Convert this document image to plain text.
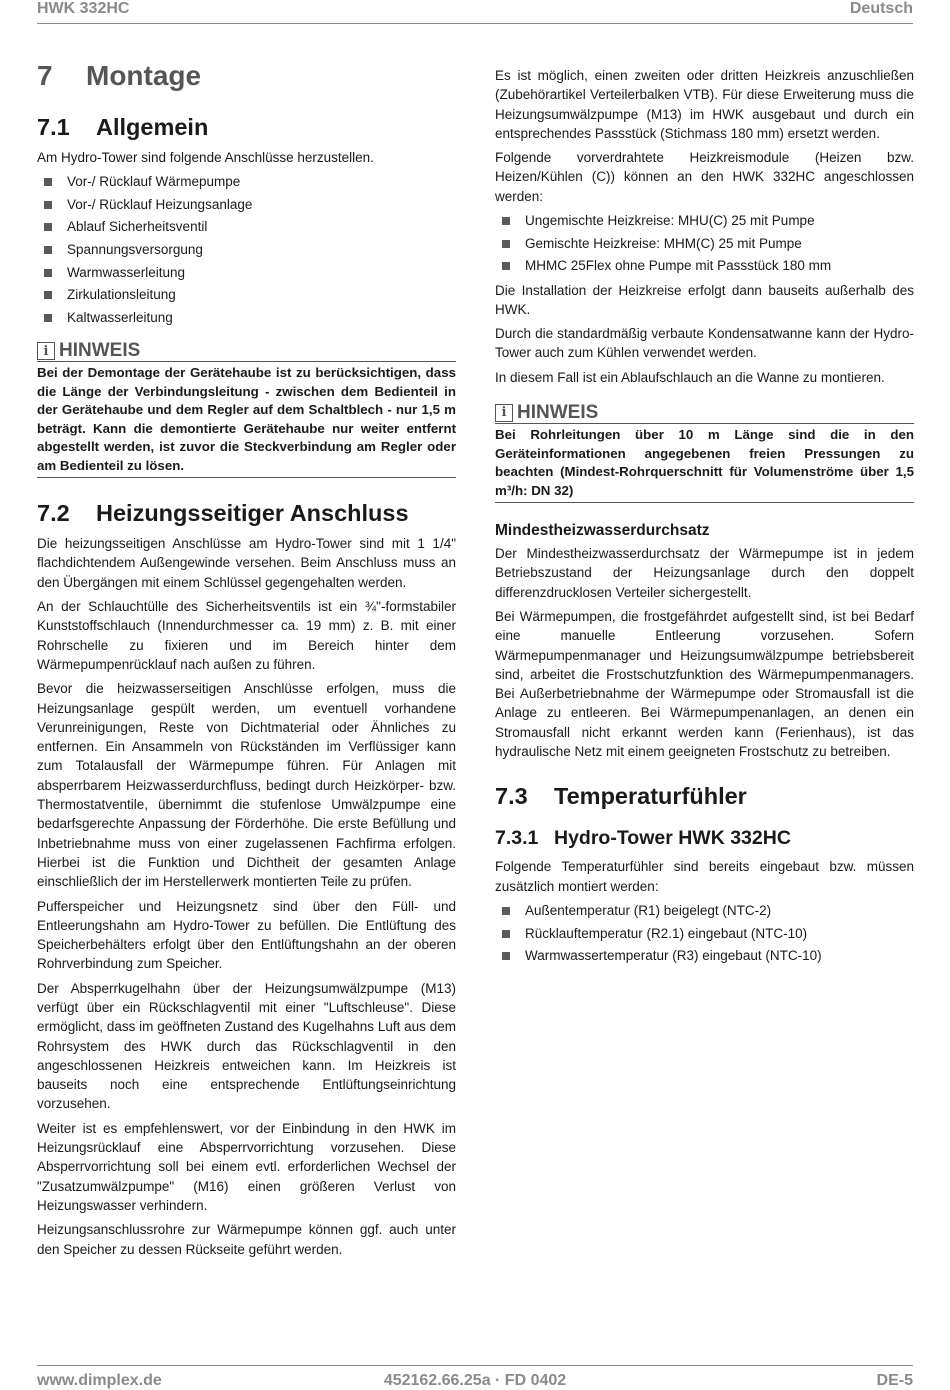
HWK 332HC	Deutsch
7 Montage
7.1 Allgemein
Am Hydro-Tower sind folgende Anschlüsse herzustellen.
Vor-/ Rücklauf Wärmepumpe
Vor-/ Rücklauf Heizungsanlage
Ablauf Sicherheitsventil
Spannungsversorgung
Warmwasserleitung
Zirkulationsleitung
Kaltwasserleitung
i HINWEIS
Bei der Demontage der Gerätehaube ist zu berücksichtigen, dass die Länge der Verbindungsleitung - zwischen dem Bedienteil in der Gerätehaube und dem Regler auf dem Schaltblech - nur 1,5 m beträgt. Kann die demontierte Gerätehaube nur weiter entfernt abgestellt werden, ist zuvor die Steckverbindung am Regler oder am Bedienteil zu lösen.
7.2 Heizungsseitiger Anschluss
Die heizungsseitigen Anschlüsse am Hydro-Tower sind mit 1 1/4" flachdichtendem Außengewinde versehen. Beim Anschluss muss an den Übergängen mit einem Schlüssel gegengehalten werden.
An der Schlauchtülle des Sicherheitsventils ist ein ¾"-formstabiler Kunststoffschlauch (Innendurchmesser ca. 19 mm) z. B. mit einer Rohrschelle zu fixieren und im Bereich hinter dem Wärmepumpenrücklauf nach außen zu führen.
Bevor die heizwasserseitigen Anschlüsse erfolgen, muss die Heizungsanlage gespült werden, um eventuell vorhandene Verunreinigungen, Reste von Dichtmaterial oder Ähnliches zu entfernen. Ein Ansammeln von Rückständen im Verflüssiger kann zum Totalausfall der Wärmepumpe führen. Für Anlagen mit absperrbarem Heizwasserdurchfluss, bedingt durch Heizkörper- bzw. Thermostatventile, übernimmt die stufenlose Umwälzpumpe eine bedarfsgerechte Anpassung der Förderhöhe. Die erste Befüllung und Inbetriebnahme muss von einer zugelassenen Fachfirma erfolgen. Hierbei ist die Funktion und Dichtheit der gesamten Anlage einschließlich der im Herstellerwerk montierten Teile zu prüfen.
Pufferspeicher und Heizungsnetz sind über den Füll- und Entleerungshahn am Hydro-Tower zu befüllen. Die Entlüftung des Speicherbehälters erfolgt über den Entlüftungshahn an der oberen Rohrverbindung zum Speicher.
Der Absperrkugelhahn über der Heizungsumwälzpumpe (M13) verfügt über ein Rückschlagventil mit einer "Luftschleuse". Diese ermöglicht, dass im geöffneten Zustand des Kugelhahns Luft aus dem Rohrsystem des HWK durch das Rückschlagventil in den angeschlossenen Heizkreis entweichen kann. Im Heizkreis ist bauseits noch eine entsprechende Entlüftungseinrichtung vorzusehen.
Weiter ist es empfehlenswert, vor der Einbindung in den HWK im Heizungsrücklauf eine Absperrvorrichtung vorzusehen. Diese Absperrvorrichtung soll bei einem evtl. erforderlichen Wechsel der "Zusatzumwälzpumpe" (M16) einen größeren Verlust von Heizungswasser verhindern.
Heizungsanschlussrohre zur Wärmepumpe können ggf. auch unter den Speicher zu dessen Rückseite geführt werden.
Es ist möglich, einen zweiten oder dritten Heizkreis anzuschließen (Zubehörartikel Verteilerbalken VTB). Für diese Erweiterung muss die Heizungsumwälzpumpe (M13) im HWK ausgebaut und durch ein entsprechendes Passstück (Stichmass 180 mm) ersetzt werden.
Folgende vorverdrahtete Heizkreismodule (Heizen bzw. Heizen/Kühlen (C)) können an den HWK 332HC angeschlossen werden:
Ungemischte Heizkreise: MHU(C) 25 mit Pumpe
Gemischte Heizkreise: MHM(C) 25 mit Pumpe
MHMC 25Flex ohne Pumpe mit Passstück 180 mm
Die Installation der Heizkreise erfolgt dann bauseits außerhalb des HWK.
Durch die standardmäßig verbaute Kondensatwanne kann der Hydro-Tower auch zum Kühlen verwendet werden.
In diesem Fall ist ein Ablaufschlauch an die Wanne zu montieren.
i HINWEIS
Bei Rohrleitungen über 10 m Länge sind die in den Geräteinformationen angegebenen freien Pressungen zu beachten (Mindest-Rohrquerschnitt für Volumenströme über 1,5 m³/h: DN 32)
Mindestheizwasserdurchsatz
Der Mindestheizwasserdurchsatz der Wärmepumpe ist in jedem Betriebszustand der Heizungsanlage durch den doppelt differenzdrucklosen Verteiler sichergestellt.
Bei Wärmepumpen, die frostgefährdet aufgestellt sind, ist bei Bedarf eine manuelle Entleerung vorzusehen. Sofern Wärmepumpenmanager und Heizungsumwälzpumpe betriebsbereit sind, arbeitet die Frostschutzfunktion des Wärmepumpenmanagers. Bei Außerbetriebnahme der Wärmepumpe oder Stromausfall ist die Anlage zu entleeren. Bei Wärmepumpenanlagen, an denen ein Stromausfall nicht erkannt werden kann (Ferienhaus), ist das hydraulische Netz mit einem geeigneten Frostschutz zu betreiben.
7.3 Temperaturfühler
7.3.1 Hydro-Tower HWK 332HC
Folgende Temperaturfühler sind bereits eingebaut bzw. müssen zusätzlich montiert werden:
Außentemperatur (R1) beigelegt (NTC-2)
Rücklauftemperatur (R2.1) eingebaut (NTC-10)
Warmwassertemperatur (R3) eingebaut (NTC-10)
www.dimplex.de	452162.66.25a · FD 0402	DE-5
